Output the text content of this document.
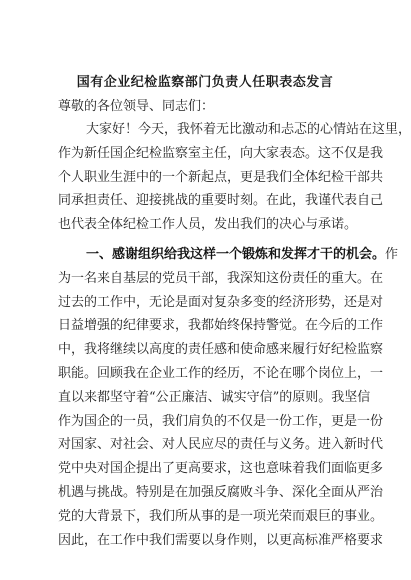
国有企业纪检监察部门负责人任职表态发言
尊敬的各位领导、同志们：
大家好！今天，我怀着无比激动和忐忑的心情站在这里，
作为新任国企纪检监察室主任，向大家表态。这不仅是我
个人职业生涯中的一个新起点，更是我们全体纪检干部共
同承担责任、迎接挑战的重要时刻。在此，我谨代表自己
也代表全体纪检工作人员，发出我们的决心与承诺。
一、感谢组织给我这样一个锻炼和发挥才干的机会。作
为一名来自基层的党员干部，我深知这份责任的重大。在
过去的工作中，无论是面对复杂多变的经济形势，还是对
日益增强的纪律要求，我都始终保持警觉。在今后的工作
中，我将继续以高度的责任感和使命感来履行好纪检监察
职能。回顾我在企业工作的经历，不论在哪个岗位上，一
直以来都坚守着“公正廉洁、诚实守信”的原则。我坚信
作为国企的一员，我们肩负的不仅是一份工作，更是一份
对国家、对社会、对人民应尽的责任与义务。进入新时代
党中央对国企提出了更高要求，这也意味着我们面临更多
机遇与挑战。特别是在加强反腐败斗争、深化全面从严治
党的大背景下，我们所从事的是一项光荣而艰巨的事业。
因此，在工作中我们需要以身作则，以更高标准严格要求
